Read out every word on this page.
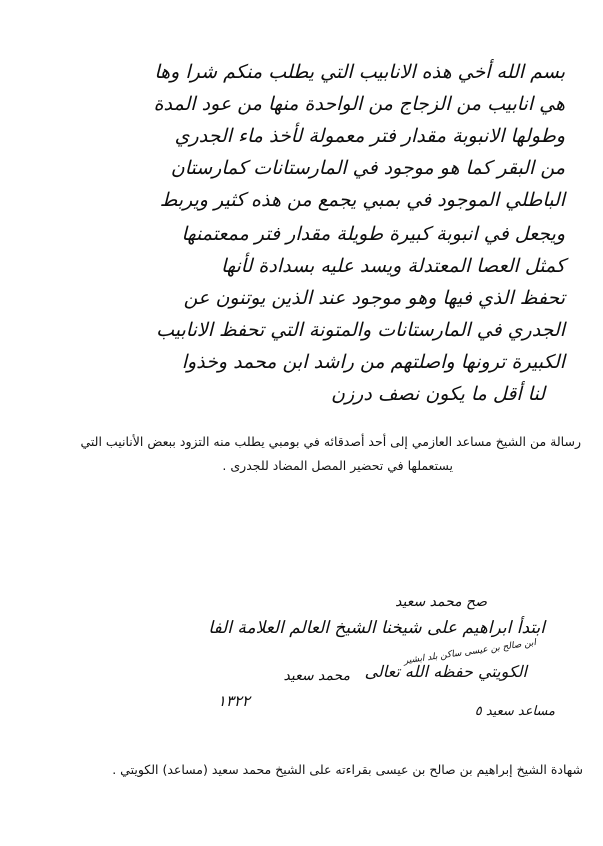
بسم الله أخي هذه الانابيب التي يطلب منكم شرا وها
هي انابيب من الزجاج من الواحدة منها من عود المدة
وطولها الانبوبة مقدار فتر معمولة لأخذ ماء الجدري
من البقر كما هو موجود في المارستانات كمارستان
الباطلي الموجود في بمبي يجمع من هذه كثير ويربط
ويجعل في انبوبة كبيرة طويلة مقدار فتر ممعتمنها
كمثل العصا المعتدلة ويسد عليه بسدادة لأنها
تحفظ الذي فيها وهو موجود عند الذين يوتنون عن
الجدري في المارستانات والمتونة التي تحفظ الانابيب
الكبيرة ترونها واصلتهم من راشد ابن محمد وخذوا
لنا أقل ما يكون نصف درزن
رسالة من الشيخ مساعد العازمي إلى أحد أصدقائه في بومبي يطلب منه التزود ببعض الأنانيب التي
يستعملها في تحضير المصل المضاد للجدرى .
صح محمد سعيد
ابتدأ ابراهيم على شيخنا الشيخ العالم العلامة الفا
ابن صالح بن عيسى ساكن بلد ابشير
الكويتي حفظه الله تعالى
محمد سعيد
١٣٢٢
مساعد سعيد ٥
شهادة الشيخ إبراهيم بن صالح بن عيسى بقراءته على الشيخ محمد سعيد (مساعد) الكويتي .
